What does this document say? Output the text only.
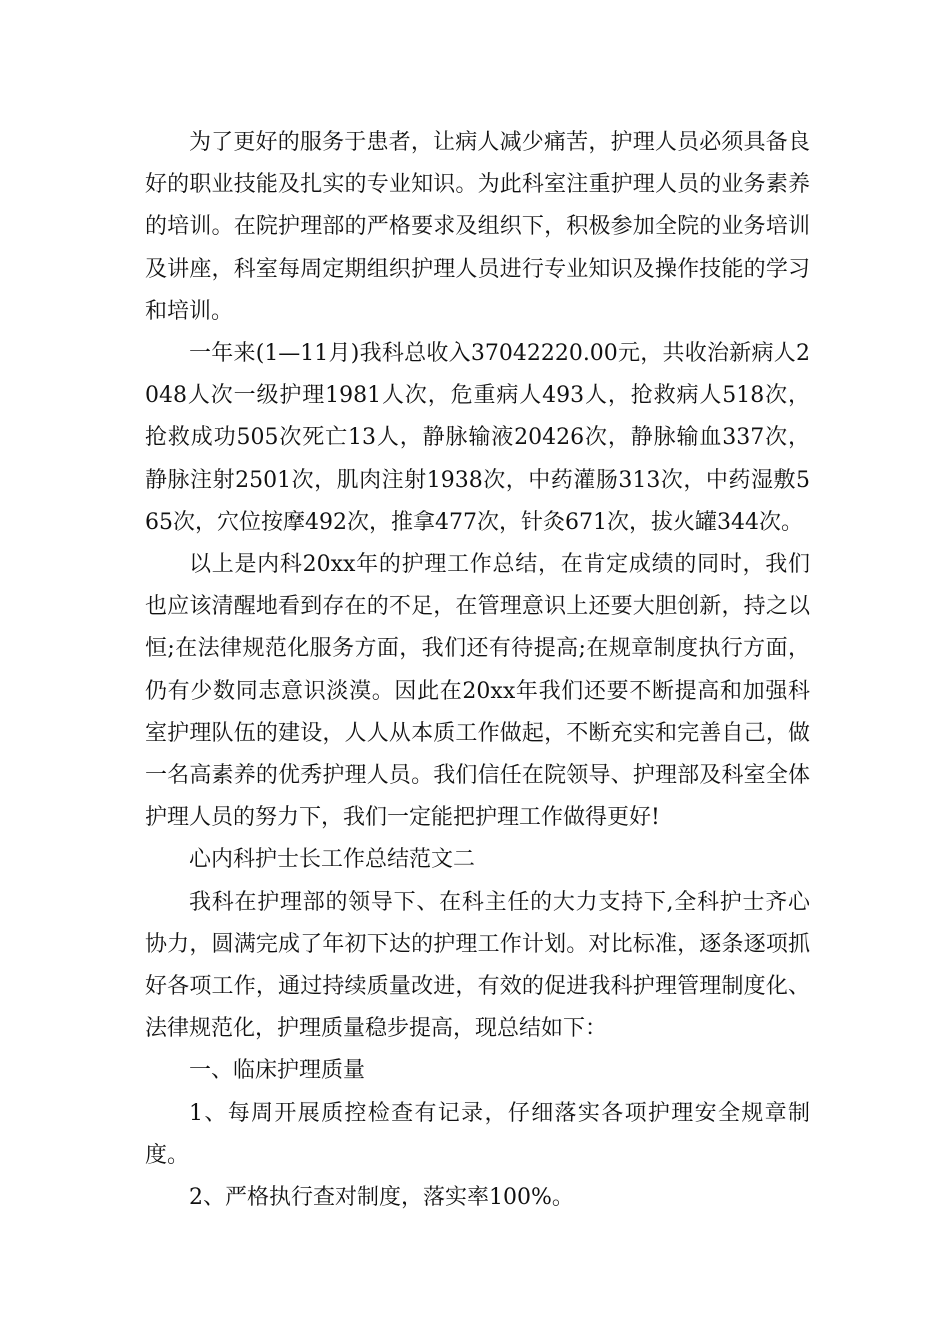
为了更好的服务于患者，让病人减少痛苦，护理人员必须具备良好的职业技能及扎实的专业知识。为此科室注重护理人员的业务素养的培训。在院护理部的严格要求及组织下，积极参加全院的业务培训及讲座，科室每周定期组织护理人员进行专业知识及操作技能的学习和培训。

一年来(1—11月)我科总收入37042220.00元，共收治新病人2048人次一级护理1981人次，危重病人493人，抢救病人518次，抢救成功505次死亡13人，静脉输液20426次，静脉输血337次，静脉注射2501次，肌肉注射1938次，中药灌肠313次，中药湿敷565次，穴位按摩492次，推拿477次，针灸671次，拔火罐344次。

以上是内科20xx年的护理工作总结，在肯定成绩的同时，我们也应该清醒地看到存在的不足，在管理意识上还要大胆创新，持之以恒;在法律规范化服务方面，我们还有待提高;在规章制度执行方面，仍有少数同志意识淡漠。因此在20xx年我们还要不断提高和加强科室护理队伍的建设，人人从本质工作做起，不断充实和完善自己，做一名高素养的优秀护理人员。我们信任在院领导、护理部及科室全体护理人员的努力下，我们一定能把护理工作做得更好!

心内科护士长工作总结范文二

我科在护理部的领导下、在科主任的大力支持下,全科护士齐心协力，圆满完成了年初下达的护理工作计划。对比标准，逐条逐项抓好各项工作，通过持续质量改进，有效的促进我科护理管理制度化、法律规范化，护理质量稳步提高，现总结如下：

一、临床护理质量

1、每周开展质控检查有记录，仔细落实各项护理安全规章制度。

2、严格执行查对制度，落实率100%。
